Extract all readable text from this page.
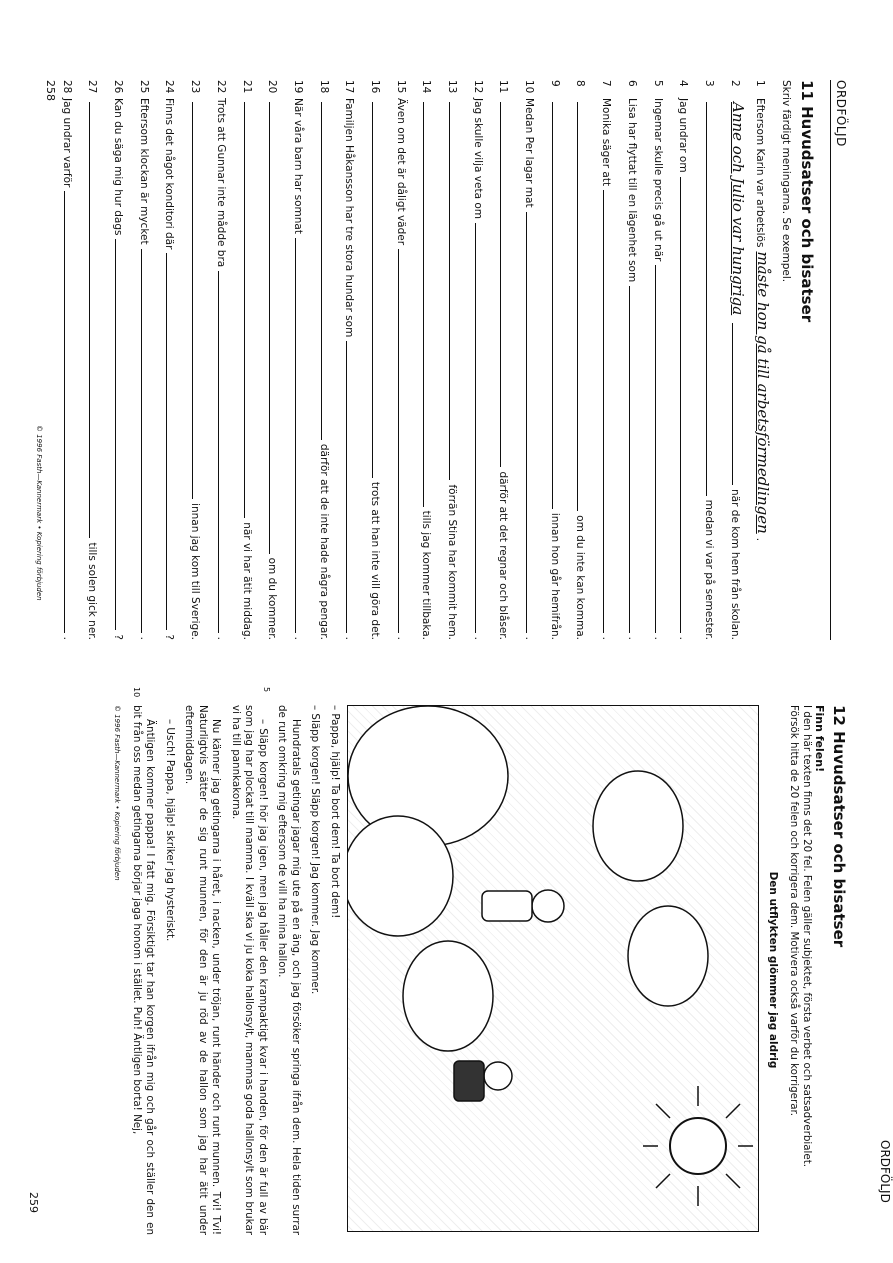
ORDFÖLJD
11 Huvudsatser och bisatser
Skriv färdigt meningarna. Se exempel.
1
Eftersom Karin var arbetslös
måste hon gå till arbetsförmedlingen
.
2
Anne och Julio var hungriga
när de kom hem från skolan.
3
medan vi var på semester.
4
Jag undrar om
.
5
Ingemar skulle precis gå ut när
.
6
Lisa har flyttat till en lägenhet som
.
7
Monika säger att
.
8
om du inte kan komma.
9
innan hon går hemifrån.
10
Medan Per lagar mat
.
11
därför att det regnar och blåser.
12
Jag skulle vilja veta om
.
13
förrän Stina har kommit hem.
14
tills jag kommer tillbaka.
15
Även om det är dåligt väder
.
16
trots att han inte vill göra det.
17
Familjen Håkansson har tre stora hundar som
.
18
därför att de inte hade några pengar.
19
När våra barn har somnat
.
20
om du kommer.
21
när vi har ätit middag.
22
Trots att Gunnar inte mådde bra
.
23
innan jag kom till Sverige.
24
Finns det något konditori där
?
25
Eftersom klockan är mycket
.
26
Kan du säga mig hur dags
?
27
tills solen gick ner.
28
Jag undrar varför
.
258
© 1996 Fasth—Kannermark • Kopiering förbjuden
12 Huvudsatser och bisatser
Finn felen!
I den här texten finns det 20 fel. Felen gäller subjektet, första verbet och satsadverbialet.
Försök hitta de 20 felen och korrigera dem. Motivera också varför du korrigerar.
Den utflykten glömmer jag aldrig
– Pappa, hjälp! Ta bort dem! Ta bort dem!
– Släpp korgen! Släpp korgen! Jag kommer. Jag kommer.
Hundratals getingar jagar mig ute på en äng, och jag försöker springa ifrån dem. Hela tiden surrar de runt omkring mig eftersom de vill ha mina hallon.
– Släpp korgen! hör jag igen, men jag håller den krampaktigt kvar i handen, för den är full av bär som jag har plockat till mamma. I kväll ska vi ju koka hallonsylt, mammas goda hallonsylt som brukar vi ha till pannkakorna.
Nu känner jag getingarna i håret, i nacken, under tröjan, runt händer och runt munnen. Tvi! Tvi! Naturligtvis sätter de sig runt munnen, för den är ju röd av de hallon som jag har ätit under eftermiddagen.
– Usch! Pappa, hjälp! skriker jag hysteriskt.
Äntligen kommer pappa! I fatt mig. Försiktigt tar han korgen ifrån mig och går och ställer den en bit från oss medan getingarna börjar jaga honom i stället. Puh! Äntligen borta! Nej,
5
10
© 1996 Fasth—Kannermark • Kopiering förbjuden
ORDFÖLJD
259
